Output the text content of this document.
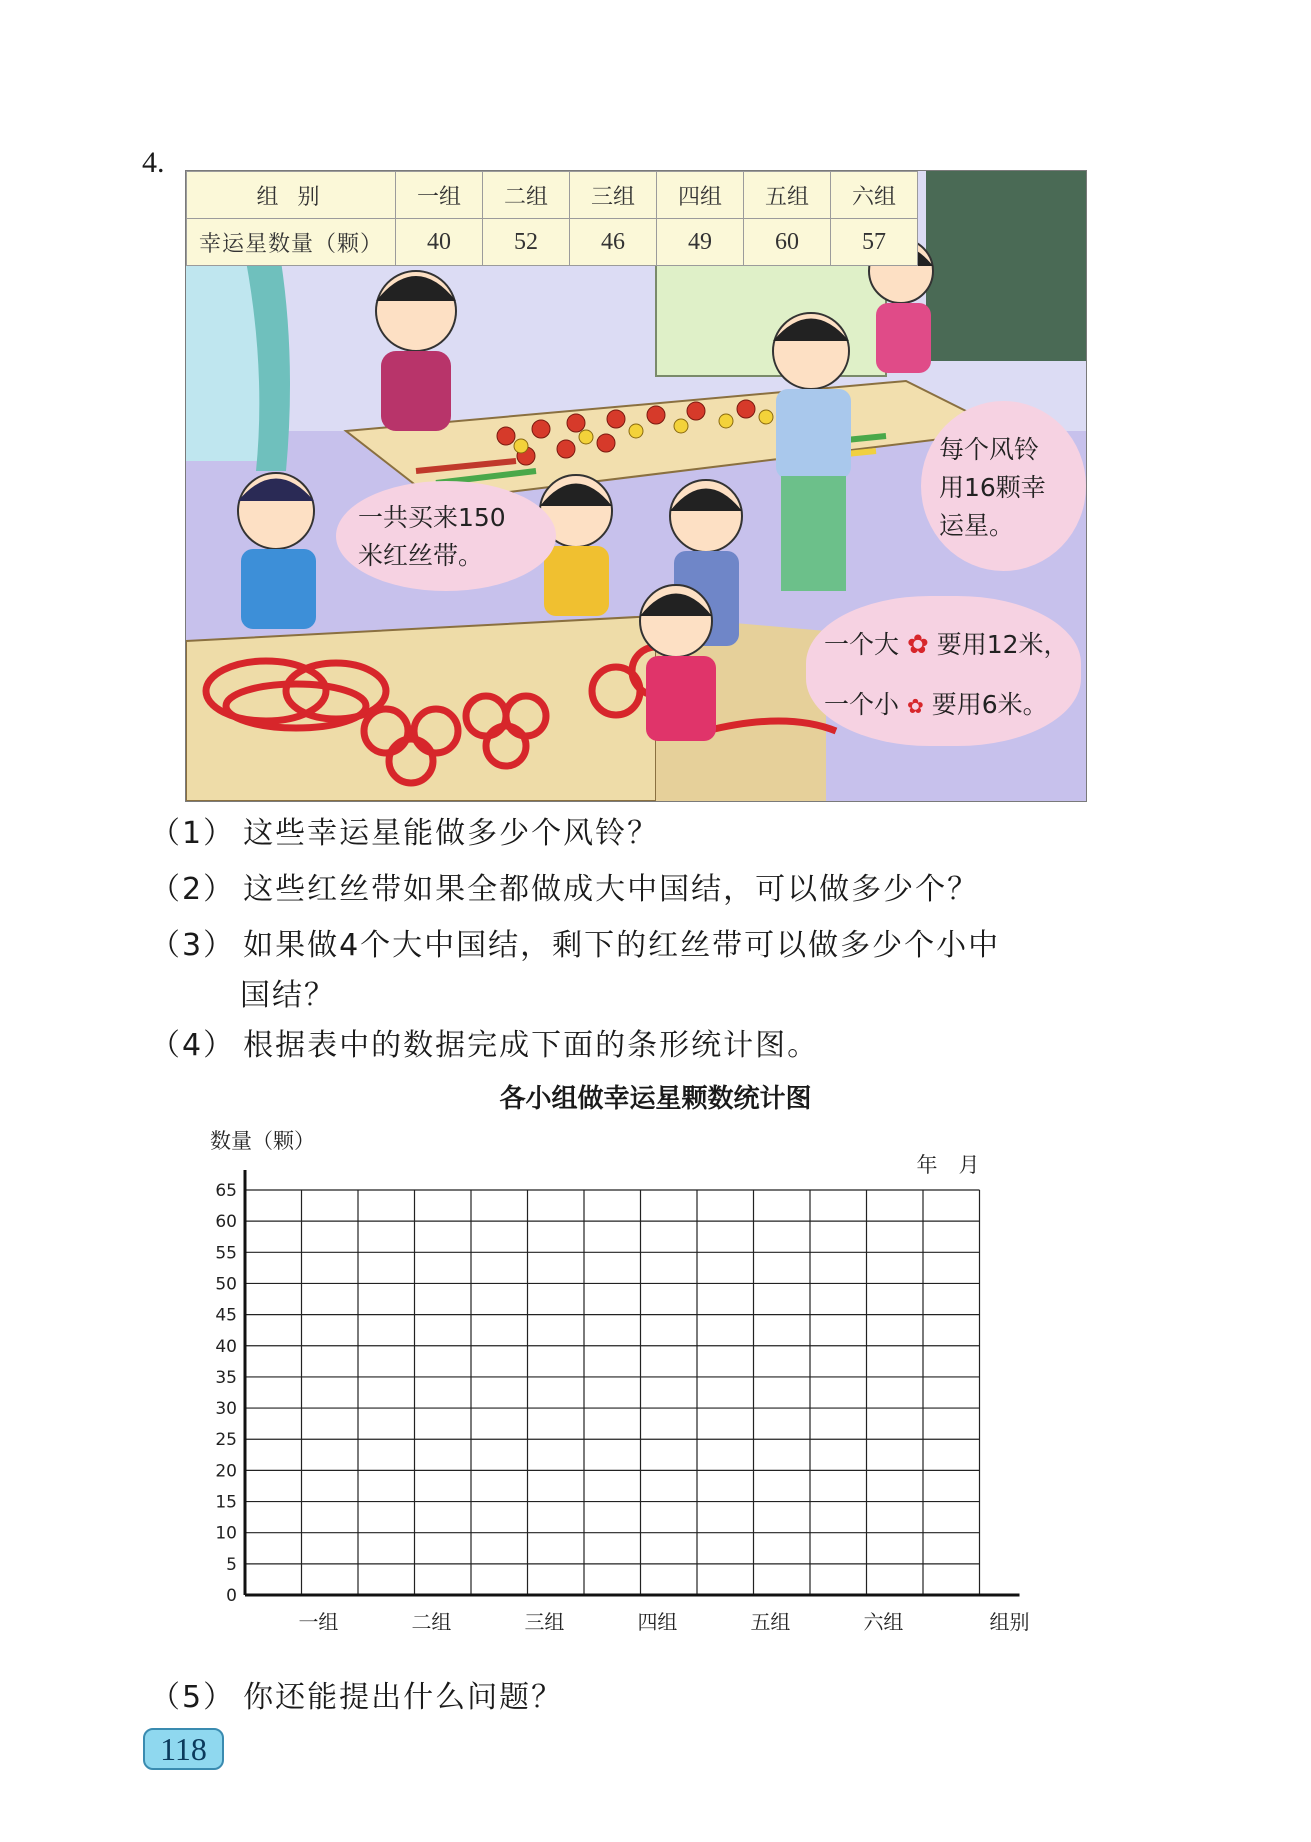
4.
组 别	一组	二组	三组	四组	五组	六组
幸运星数量（颗）	40	52	46	49	60	57
一共买来150
米红丝带。
每个风铃
用16颗幸
运星。
一个大 ✿ 要用12米，
一个小 ✿ 要用6米。
（1） 这些幸运星能做多少个风铃？
（2） 这些红丝带如果全都做成大中国结，可以做多少个？
（3） 如果做4个大中国结，剩下的红丝带可以做多少个小中
国结？
（4） 根据表中的数据完成下面的条形统计图。
各小组做幸运星颗数统计图
0
5
10
15
20
25
30
35
40
45
50
55
60
65
数量（颗）
年　月
一组	二组	三组	四组	五组	六组	组别
（5） 你还能提出什么问题？
118
